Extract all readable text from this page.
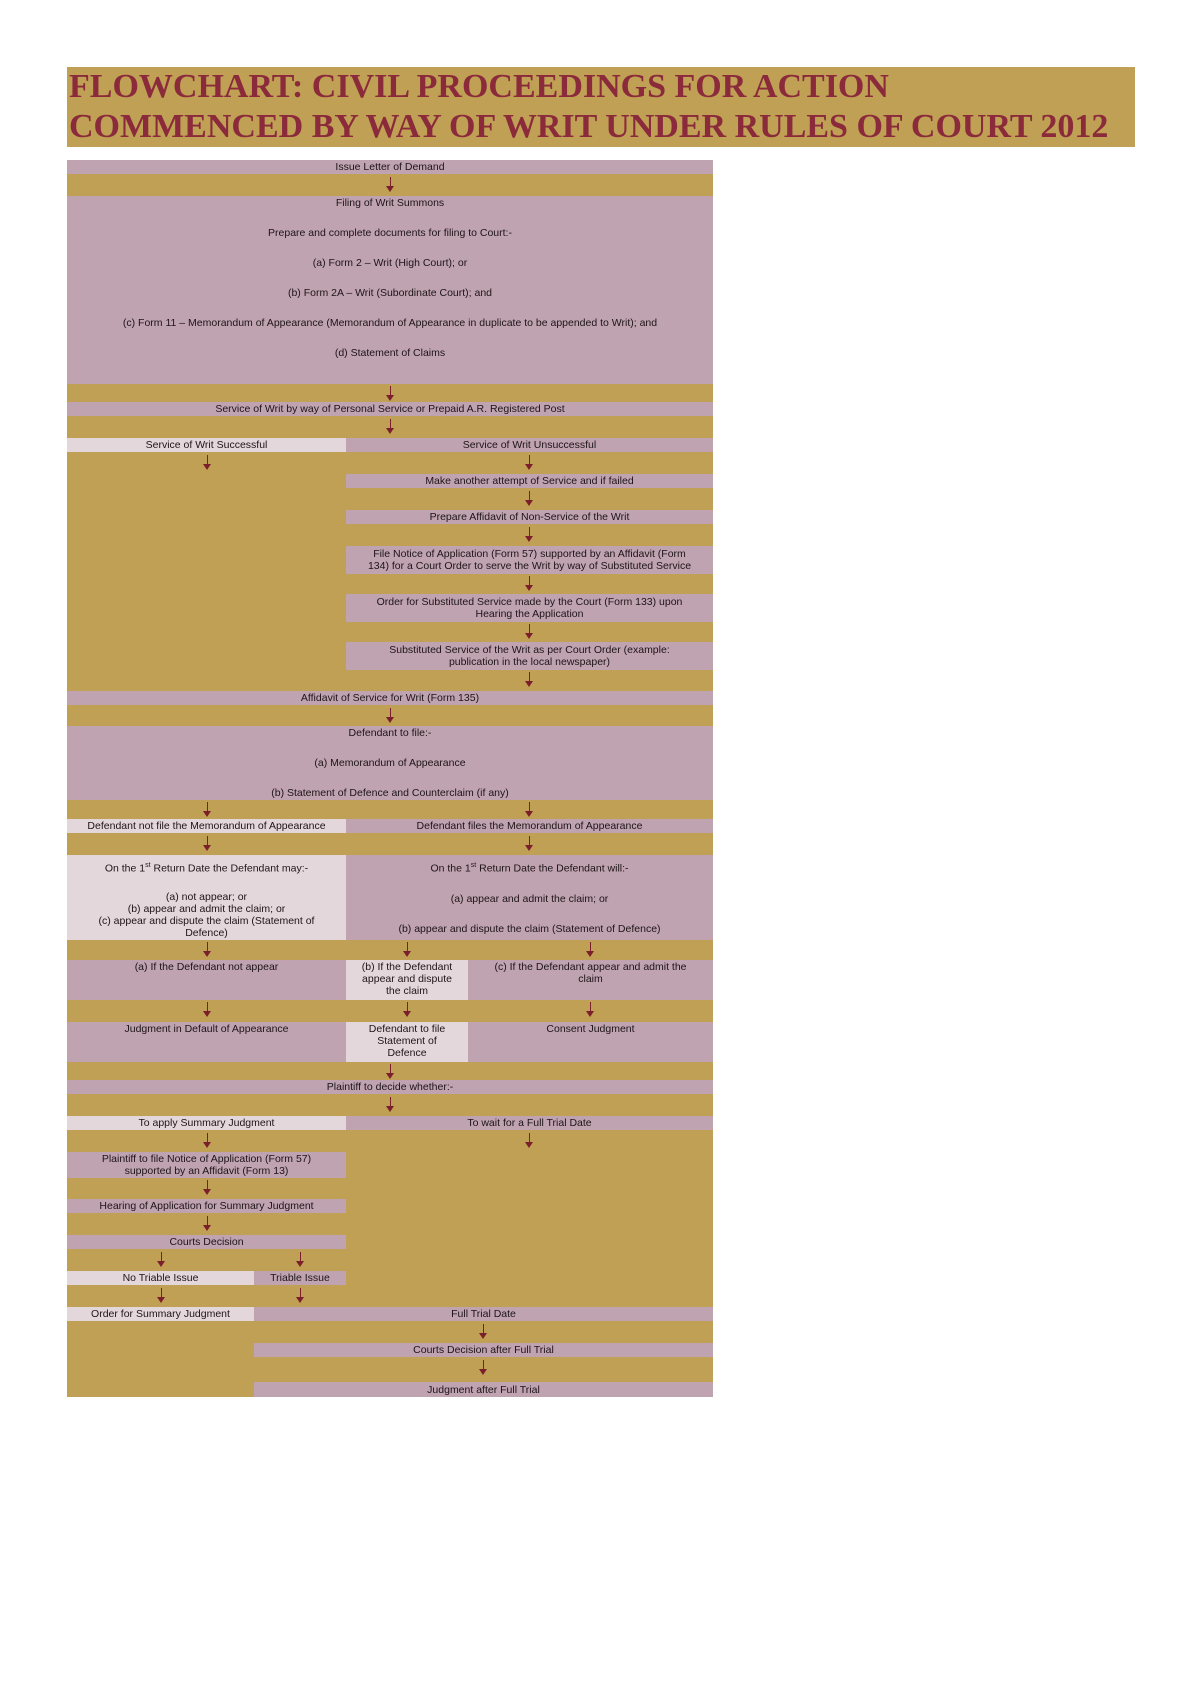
FLOWCHART: CIVIL PROCEEDINGS FOR ACTION COMMENCED BY WAY OF WRIT UNDER RULES OF COURT 2012
Issue Letter of Demand
Filing of Writ Summons
Prepare and complete documents for filing to Court:-
(a) Form 2 – Writ (High Court); or
(b) Form 2A – Writ (Subordinate Court); and
(c) Form 11 – Memorandum of Appearance (Memorandum of Appearance in duplicate to be appended to Writ); and
(d) Statement of Claims
Service of Writ by way of Personal Service or Prepaid A.R. Registered Post
Service of Writ Successful	Service of Writ Unsuccessful
Make another attempt of Service and if failed
Prepare Affidavit of Non-Service of the Writ
File Notice of Application (Form 57) supported by an Affidavit (Form
134) for a Court Order to serve the Writ by way of Substituted Service
Order for Substituted Service made by the Court (Form 133) upon
Hearing the Application
Substituted Service of the Writ as per Court Order (example:
publication in the local newspaper)
Affidavit of Service for Writ (Form 135)
Defendant to file:-
(a) Memorandum of Appearance
(b) Statement of Defence and Counterclaim (if any)
Defendant not file the Memorandum of Appearance	Defendant files the Memorandum of Appearance
On the 1st Return Date the Defendant may:-
(a) not appear; or
(b) appear and admit the claim; or
(c) appear and dispute the claim (Statement of
Defence)
On the 1st Return Date the Defendant will:-
(a) appear and admit the claim; or
(b) appear and dispute the claim (Statement of Defence)
(a) If the Defendant not appear	(b) If the Defendant
appear and dispute
the claim
(c) If the Defendant appear and admit the
claim
Judgment in Default of Appearance	Defendant to file
Statement of
Defence
Consent Judgment
Plaintiff to decide whether:-
To apply Summary Judgment	To wait for a Full Trial Date
Plaintiff to file Notice of Application (Form 57)
supported by an Affidavit (Form 13)
Hearing of Application for Summary Judgment
Courts Decision
No Triable Issue	Triable Issue
Order for Summary Judgment	Full Trial Date
Courts Decision after Full Trial
Judgment after Full Trial
